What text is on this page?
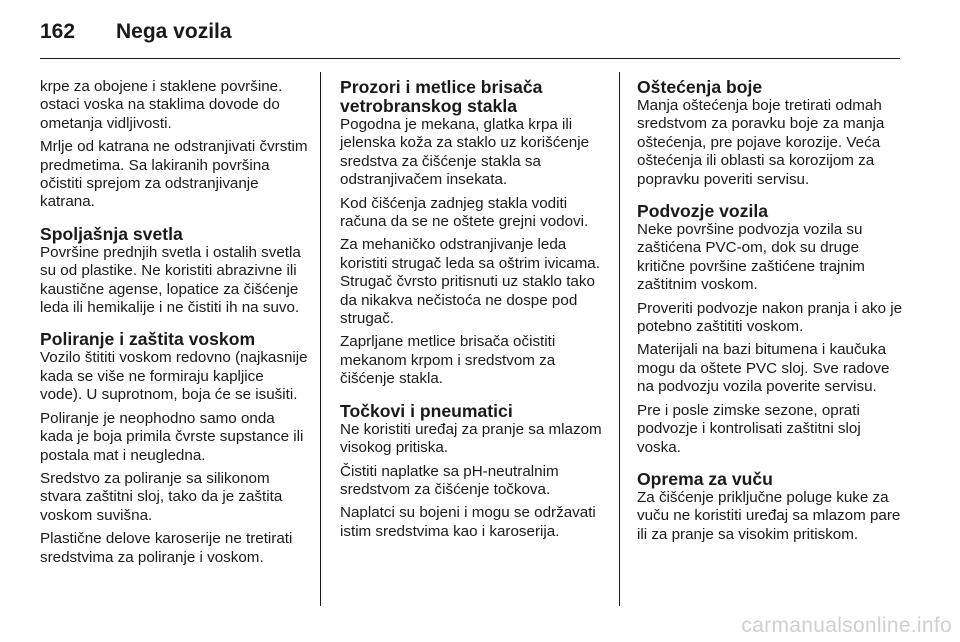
162	Nega vozila

krpe za obojene i staklene površine. ostaci voska na staklima dovode do ometanja vidljivosti.

Mrlje od katrana ne odstranjivati čvrstim predmetima. Sa lakiranih površina očistiti sprejom za odstranjivanje katrana.

Spoljašnja svetla

Površine prednjih svetla i ostalih svetla su od plastike. Ne koristiti abrazivne ili kaustične agense, lopatice za čišćenje leda ili hemikalije i ne čistiti ih na suvo.

Poliranje i zaštita voskom

Vozilo štititi voskom redovno (najkasnije kada se više ne formiraju kapljice vode). U suprotnom, boja će se isušiti.

Poliranje je neophodno samo onda kada je boja primila čvrste supstance ili postala mat i neugledna.

Sredstvo za poliranje sa silikonom stvara zaštitni sloj, tako da je zaštita voskom suvišna.

Plastične delove karoserije ne tretirati sredstvima za poliranje i voskom.

Prozori i metlice brisača vetrobranskog stakla

Pogodna je mekana, glatka krpa ili jelenska koža za staklo uz korišćenje sredstva za čišćenje stakla sa odstranjivačem insekata.

Kod čišćenja zadnjeg stakla voditi računa da se ne oštete grejni vodovi.

Za mehaničko odstranjivanje leda koristiti strugač leda sa oštrim ivicama. Strugač čvrsto pritisnuti uz staklo tako da nikakva nečistoća ne dospe pod strugač.

Zaprljane metlice brisača očistiti mekanom krpom i sredstvom za čišćenje stakla.

Točkovi i pneumatici

Ne koristiti uređaj za pranje sa mlazom visokog pritiska.

Čistiti naplatke sa pH-neutralnim sredstvom za čišćenje točkova.

Naplatci su bojeni i mogu se održavati istim sredstvima kao i karoserija.

Oštećenja boje

Manja oštećenja boje tretirati odmah sredstvom za poravku boje za manja oštećenja, pre pojave korozije. Veća oštećenja ili oblasti sa korozijom za popravku poveriti servisu.

Podvozje vozila

Neke površine podvozja vozila su zaštićena PVC-om, dok su druge kritične površine zaštićene trajnim zaštitnim voskom.

Proveriti podvozje nakon pranja i ako je potebno zaštititi voskom.

Materijali na bazi bitumena i kaučuka mogu da oštete PVC sloj. Sve radove na podvozju vozila poverite servisu.

Pre i posle zimske sezone, oprati podvozje i kontrolisati zaštitni sloj voska.

Oprema za vuču

Za čišćenje priključne poluge kuke za vuču ne koristiti uređaj sa mlazom pare ili za pranje sa visokim pritiskom.

carmanualsonline.info
